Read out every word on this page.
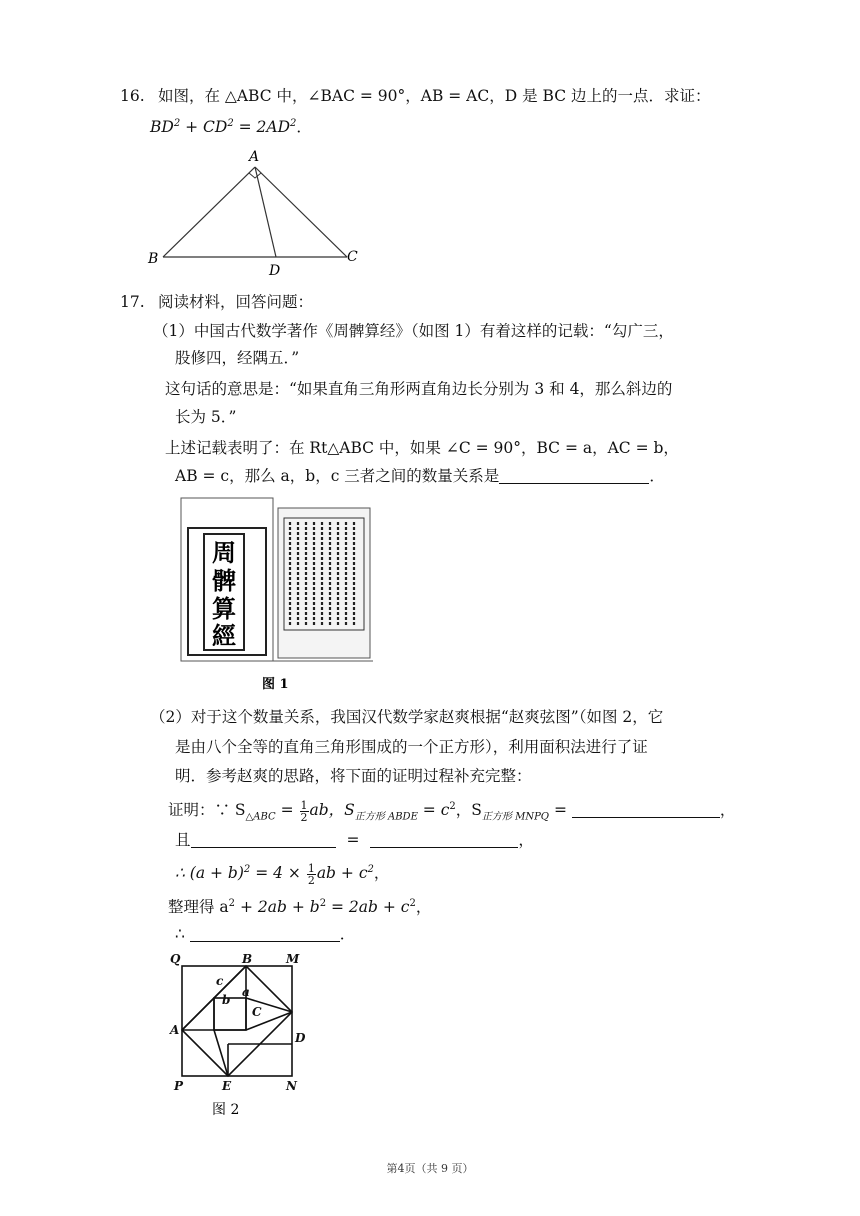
16. 如图，在 △ABC 中，∠BAC = 90°，AB = AC，D 是 BC 边上的一点．求证：
$BD^2 + CD^2 = 2AD^2$．
A
B	C
D
17. 阅读材料，回答问题：
（1）中国古代数学著作《周髀算经》（如图 1）有着这样的记载：“勾广三，
股修四，经隅五．”
这句话的意思是：“如果直角三角形两直角边长分别为 3 和 4，那么斜边的
长为 5．”
上述记载表明了：在 Rt△ABC 中，如果 ∠C = 90°，BC = a，AC = b，
AB = c，那么 a，b，c 三者之间的数量关系是	．
周
髀
算
經
图 1
（2）对于这个数量关系，我国汉代数学家赵爽根据“赵爽弦图”（如图 2，它
是由八个全等的直角三角形围成的一个正方形），利用面积法进行了证
明．参考赵爽的思路，将下面的证明过程补充完整：
证明：∵ $S_{\triangle ABC} = \frac{1}{2}$ ab，$S_{正方形 ABDE} = c^2$，$S_{正方形 MNPQ}$ =	，
且	=	，
∴ $(a + b)^2 = 4 \times \frac{1}{2}$ ab + $c^2$，
整理得 $a^2 + 2ab + b^2 = 2ab + c^2$，
∴	．
Q	B	M
A
C
D
P	E	N
a
b
c
图 2
第4页（共 9 页）
